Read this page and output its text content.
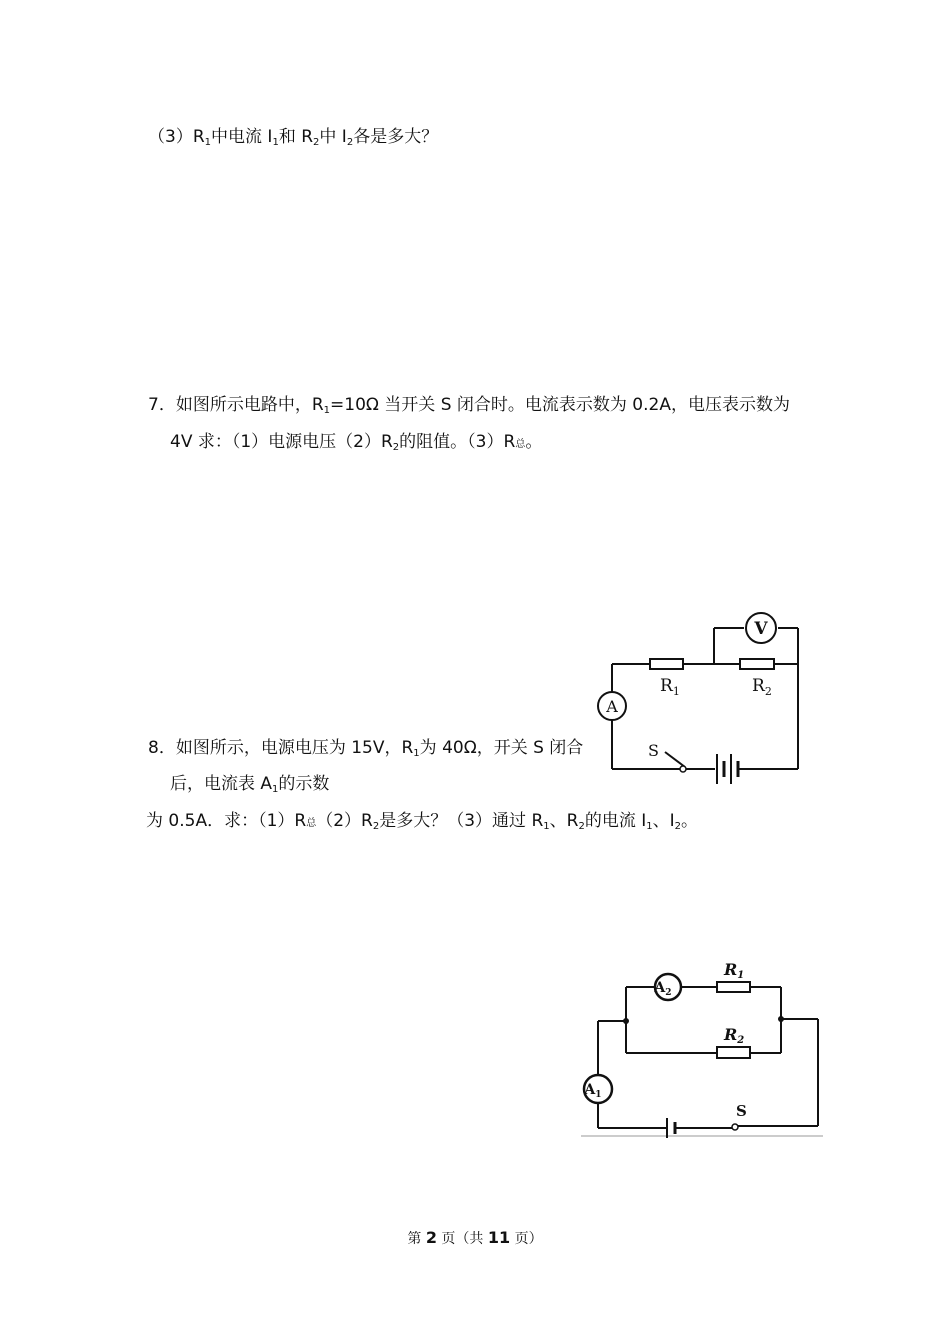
$(3)R_1$中电流 $I_1$和 $R_2$中 $I_2$各是多大？
7．如图所示电路中，$R_1=10\Omega$ 当开关 S 闭合时。电流表示数为 0.2A，电压表示数为
4V 求：（1）电源电压$(2)R_2$的阻值。（3）R总。
V
A
$R_1$	$R_2$
S
8．如图所示，电源电压为 15V，$R_1$为 40Ω，开关 S 闭合
后，电流表 $A_1$的示数
为 0.5A．求：（1）R总$(2)R_2$是多大？（3）通过 $R_1$、$R_2$的电流 $I_1$、$I_2$。
$A_2$
$A_1$
S
R1
R2
第 2 页（共 11 页）
